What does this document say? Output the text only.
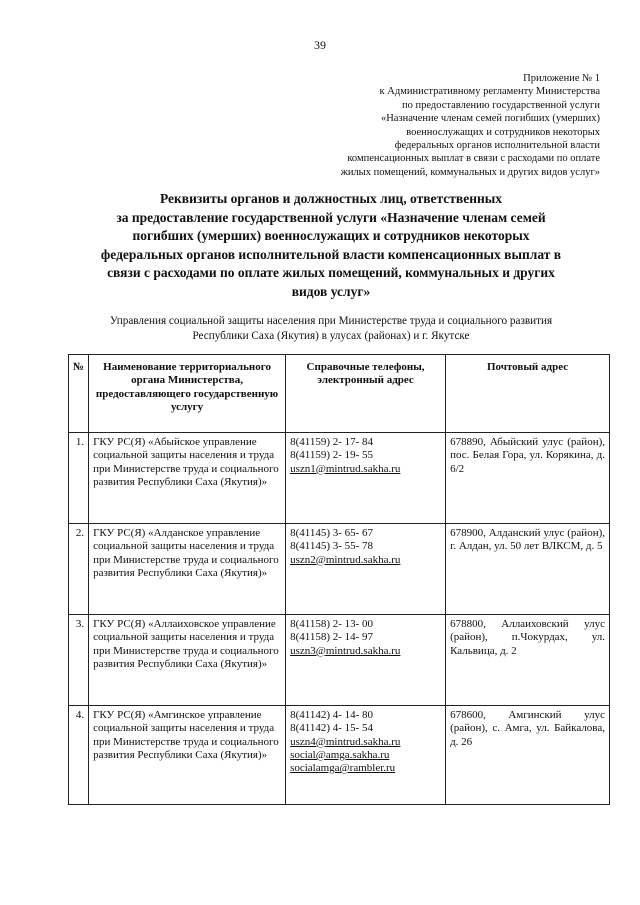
39
Приложение № 1
к Административному регламенту Министерства
по предоставлению государственной услуги
«Назначение членам семей погибших (умерших)
военнослужащих и сотрудников некоторых
федеральных органов исполнительной власти
компенсационных выплат в связи с расходами по оплате
жилых помещений, коммунальных и других видов услуг»
Реквизиты органов и должностных лиц, ответственных
за предоставление государственной услуги «Назначение членам семей
погибших (умерших) военнослужащих и сотрудников некоторых
федеральных органов исполнительной власти компенсационных выплат в
связи с расходами по оплате жилых помещений, коммунальных и других
видов услуг»
Управления социальной защиты населения при Министерстве труда и социального развития
Республики Саха (Якутия) в улусах (районах) и г. Якутске
№	Наименование территориального органа Министерства, предоставляющего государственную услугу	Справочные телефоны, электронный адрес	Почтовый адрес
1.	ГКУ РС(Я) «Абыйское управление социальной защиты населения и труда при Министерстве труда и социального развития Республики Саха (Якутия)»	8(41159) 2- 17- 84
8(41159) 2- 19- 55
uszn1@mintrud.sakha.ru	678890, Абыйский улус (район), пос. Белая Гора, ул. Корякина, д. 6/2
2.	ГКУ РС(Я) «Алданское управление социальной защиты населения и труда при Министерстве труда и социального развития Республики Саха (Якутия)»	8(41145) 3- 65- 67
8(41145) 3- 55- 78
uszn2@mintrud.sakha.ru	678900, Алданский улус (район), г. Алдан, ул. 50 лет ВЛКСМ, д. 5
3.	ГКУ РС(Я) «Аллаиховское управление социальной защиты населения и труда при Министерстве труда и социального развития Республики Саха (Якутия)»	8(41158) 2- 13- 00
8(41158) 2- 14- 97
uszn3@mintrud.sakha.ru	678800, Аллаиховский улус (район), п.Чокурдах, ул. Кальвица, д. 2
4.	ГКУ РС(Я) «Амгинское управление социальной защиты населения и труда при Министерстве труда и социального развития Республики Саха (Якутия)»	8(41142) 4- 14- 80
8(41142) 4- 15- 54
uszn4@mintrud.sakha.ru
social@amga.sakha.ru
socialamga@rambler.ru	678600, Амгинский улус (район), с. Амга, ул. Байкалова, д. 26
